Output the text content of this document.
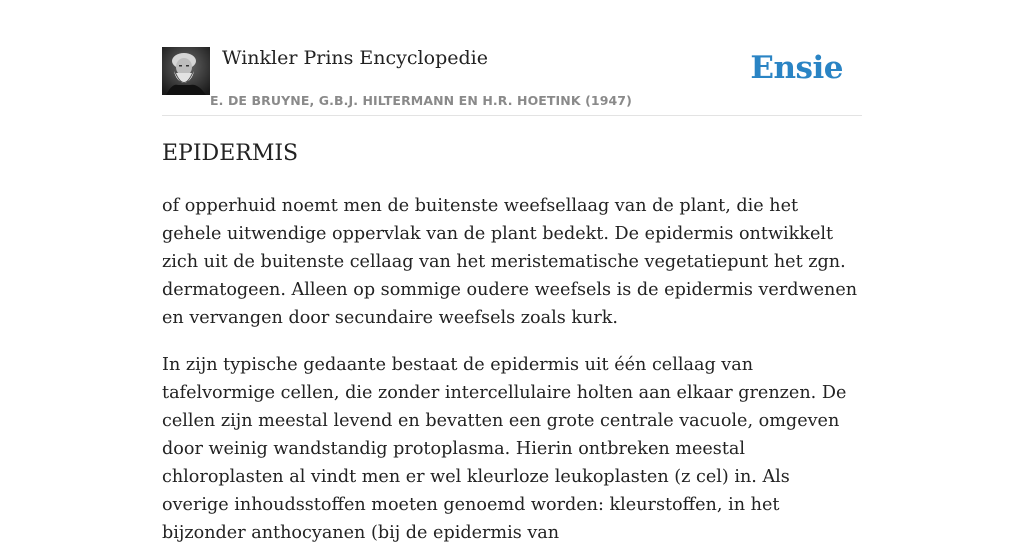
Winkler Prins Encyclopedie
E. DE BRUYNE, G.B.J. HILTERMANN EN H.R. HOETINK (1947)
Ensie
EPIDERMIS

of opperhuid noemt men de buitenste weefsellaag van de plant, die het gehele uitwendige oppervlak van de plant bedekt. De epidermis ontwikkelt zich uit de buitenste cellaag van het meristematische vegetatiepunt het zgn. dermatogeen. Alleen op sommige oudere weefsels is de epidermis verdwenen en vervangen door secundaire weefsels zoals kurk.

In zijn typische gedaante bestaat de epidermis uit één cellaag van tafelvormige cellen, die zonder intercellulaire holten aan elkaar grenzen. De cellen zijn meestal levend en bevatten een grote centrale vacuole, omgeven door weinig wandstandig protoplasma. Hierin ontbreken meestal chloroplasten al vindt men er wel kleurloze leukoplasten (z cel) in. Als overige inhoudsstoffen moeten genoemd worden: kleurstoffen, in het bijzonder anthocyanen (bij de epidermis van
